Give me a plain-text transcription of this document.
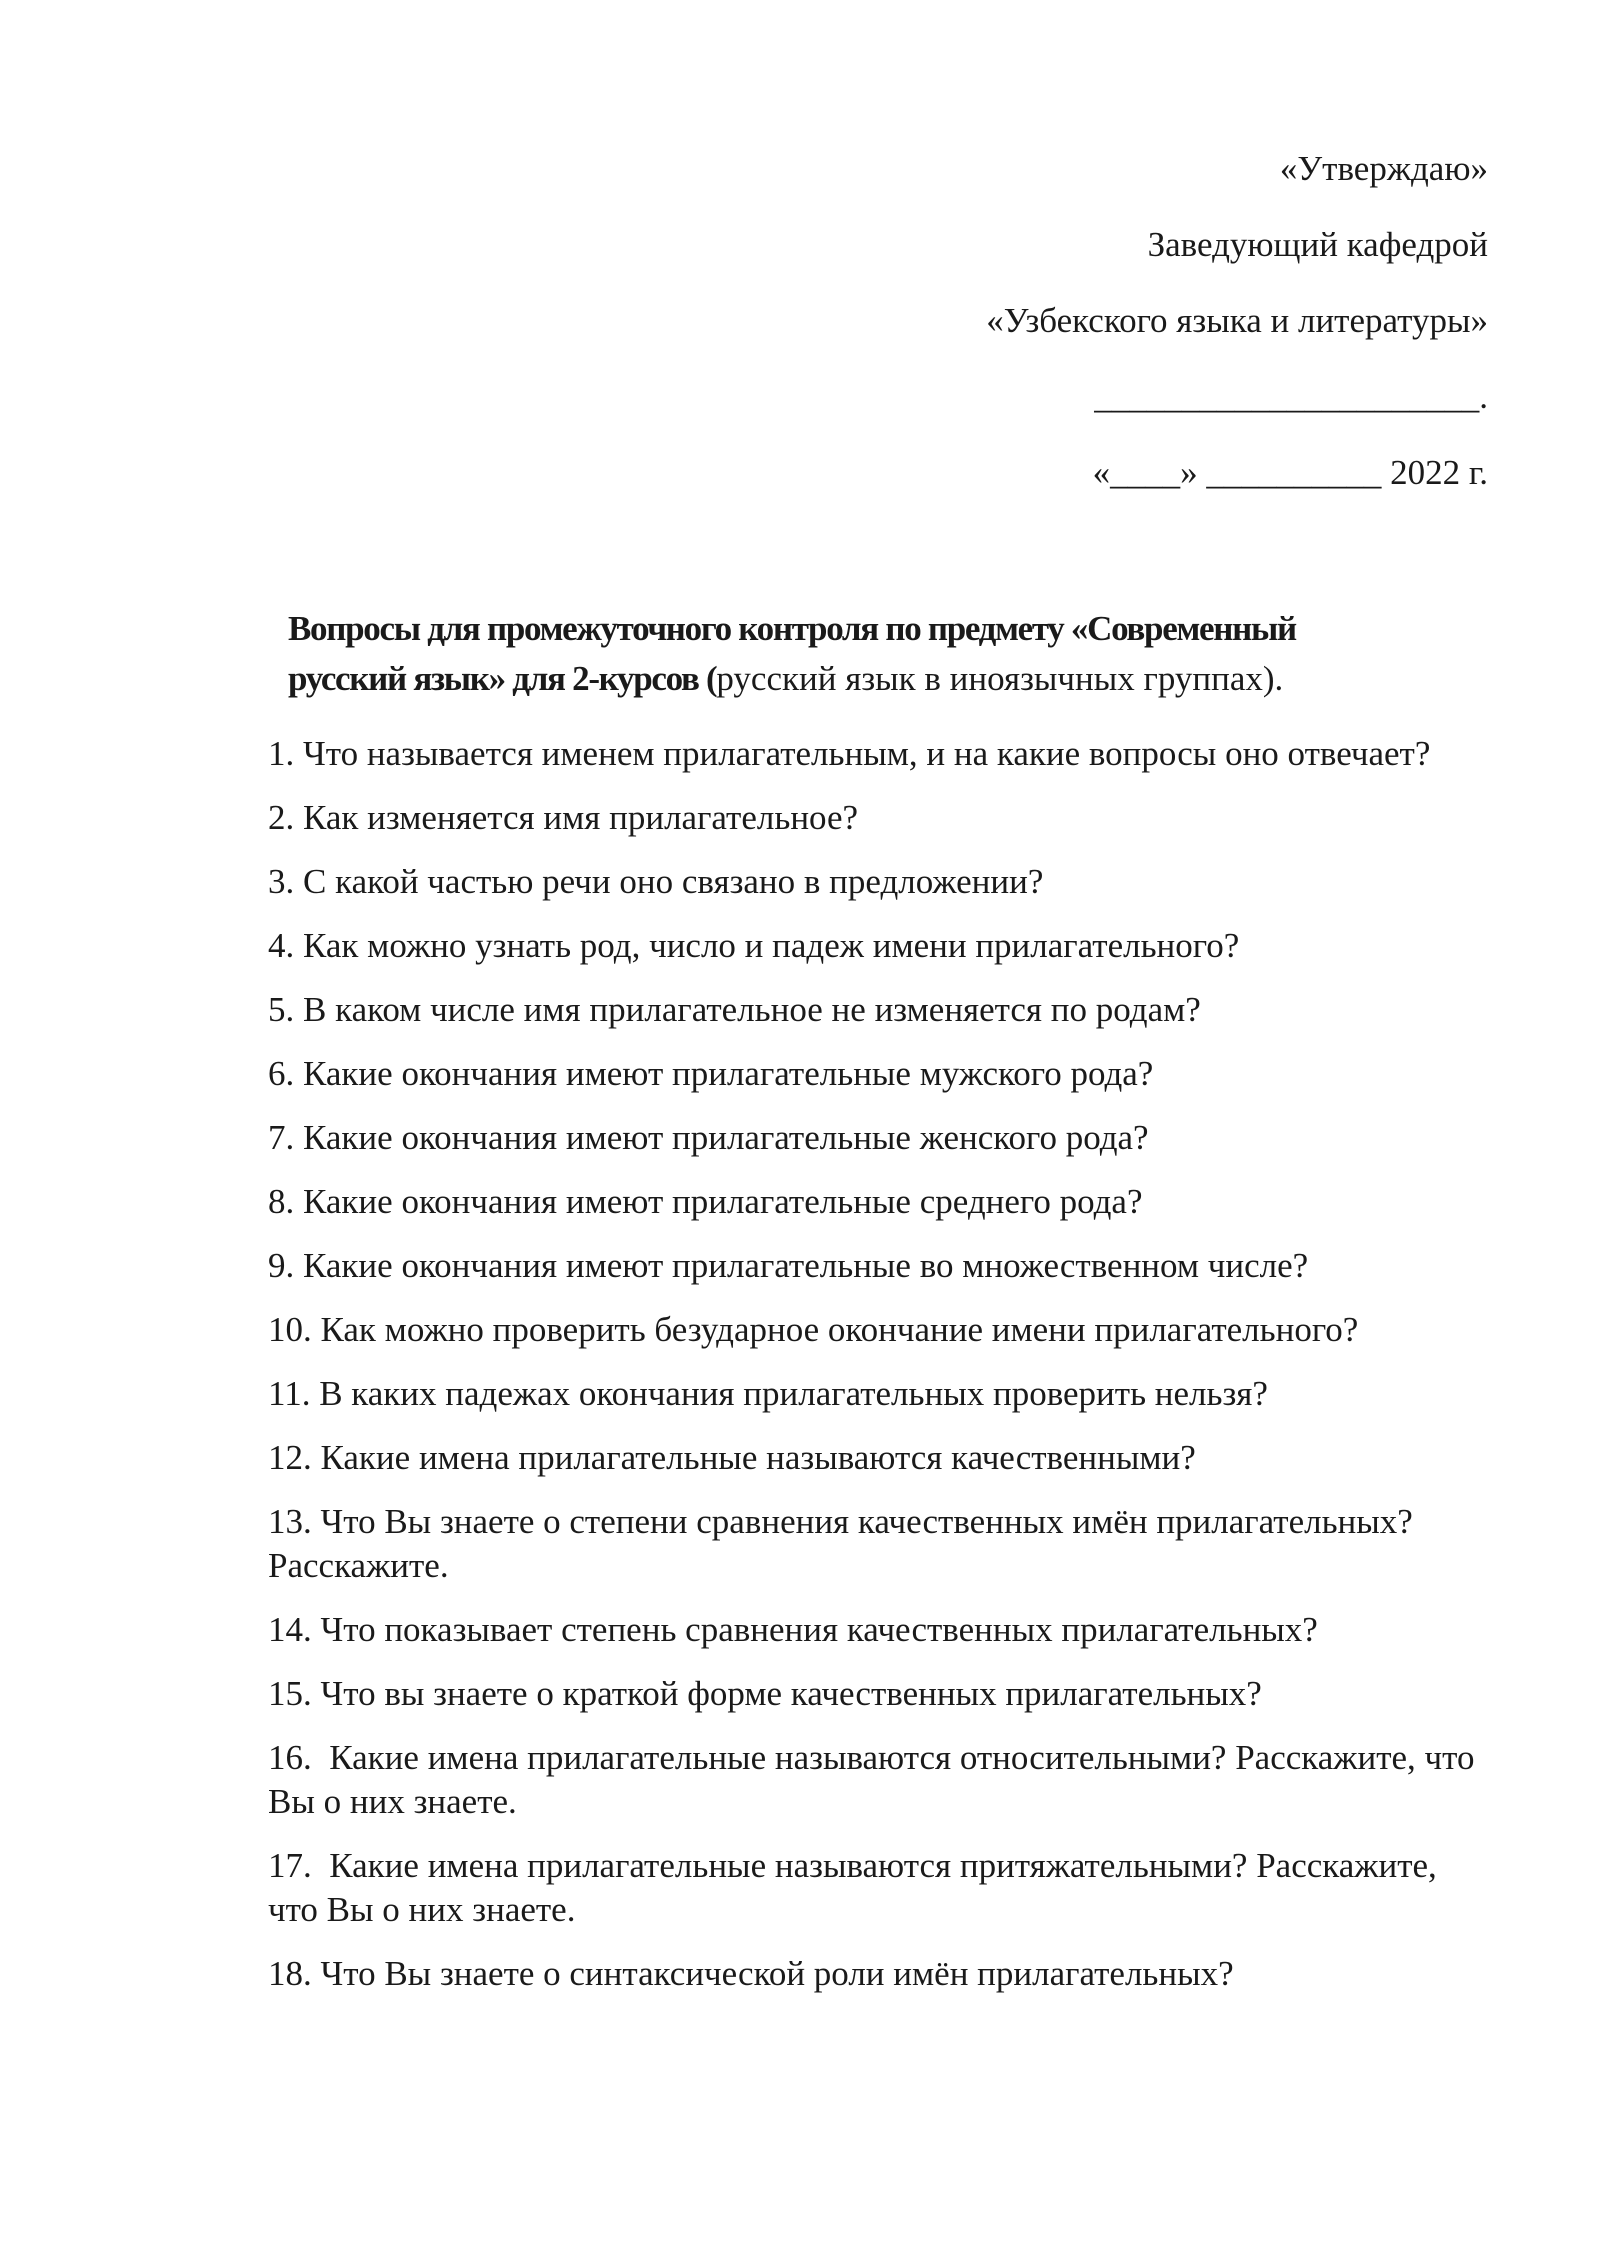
«Утверждаю»
Заведующий кафедрой
«Узбекского языка и литературы»
______________________.
«____» __________ 2022 г.
Вопросы для промежуточного контроля по предмету «Современный
русский язык» для 2-курсов (русский язык в иноязычных группах).
1. Что называется именем прилагательным, и на какие вопросы оно отвечает?
2. Как изменяется имя прилагательное?
3. С какой частью речи оно связано в предложении?
4. Как можно узнать род, число и падеж имени прилагательного?
5. В каком числе имя прилагательное не изменяется по родам?
6. Какие окончания имеют прилагательные мужского рода?
7. Какие окончания имеют прилагательные женского рода?
8. Какие окончания имеют прилагательные среднего рода?
9. Какие окончания имеют прилагательные во множественном числе?
10. Как можно проверить безударное окончание имени прилагательного?
11. В каких падежах окончания прилагательных проверить нельзя?
12. Какие имена прилагательные называются качественными?
13. Что Вы знаете о степени сравнения качественных имён прилагательных? Расскажите.
14. Что показывает степень сравнения качественных прилагательных?
15. Что вы знаете о краткой форме качественных прилагательных?
16.  Какие имена прилагательные называются относительными? Расскажите, что Вы о них знаете.
17.  Какие имена прилагательные называются притяжательными? Расскажите, что Вы о них знаете.
18. Что Вы знаете о синтаксической роли имён прилагательных?
